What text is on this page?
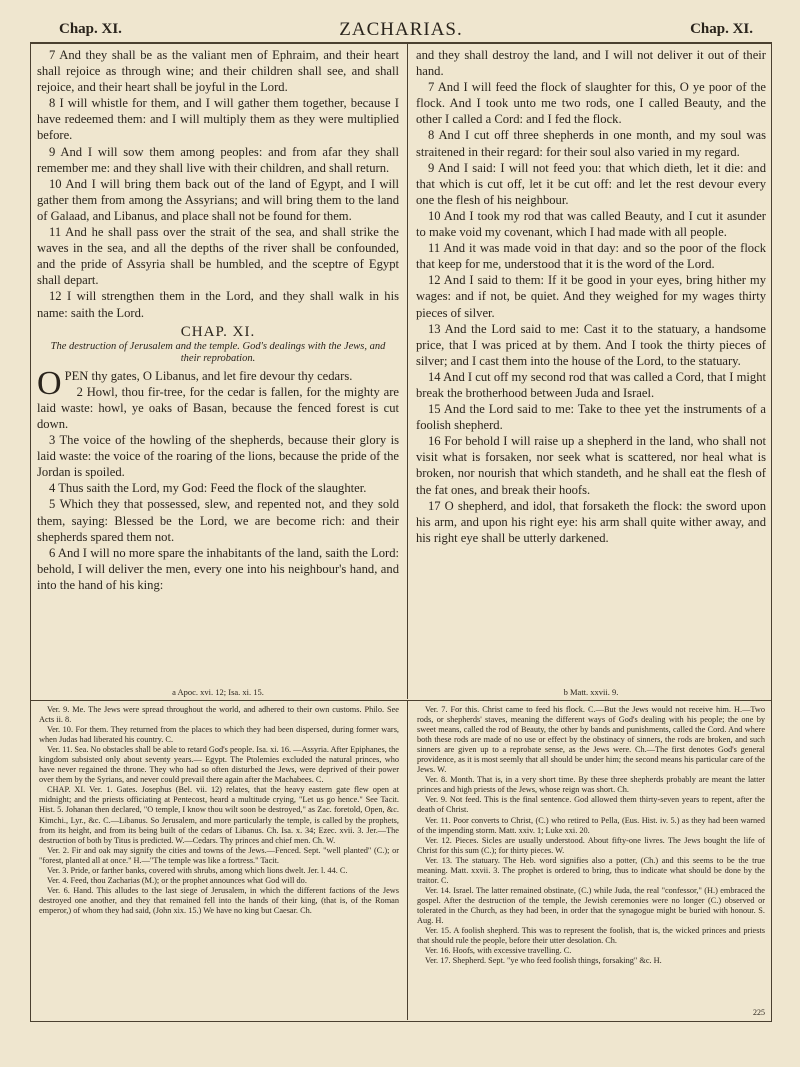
Chap. XI.	ZACHARIAS.	Chap. XI.

7 And they shall be as the valiant men of Ephraim, and their heart shall rejoice as through wine; and their children shall see, and shall rejoice, and their heart shall be joyful in the Lord.

8 I will whistle for them, and I will gather them together, because I have redeemed them: and I will multiply them as they were multiplied before.

9 And I will sow them among peoples: and from afar they shall remember me: and they shall live with their children, and shall return.

10 And I will bring them back out of the land of Egypt, and I will gather them from among the Assyrians; and will bring them to the land of Galaad, and Libanus, and place shall not be found for them.

11 And he shall pass over the strait of the sea, and shall strike the waves in the sea, and all the depths of the river shall be confounded, and the pride of Assyria shall be humbled, and the sceptre of Egypt shall depart.

12 I will strengthen them in the Lord, and they shall walk in his name: saith the Lord.

CHAP. XI.
The destruction of Jerusalem and the temple. God's dealings with the Jews, and their reprobation.

OPEN thy gates, O Libanus, and let fire devour thy cedars.

2 Howl, thou fir-tree, for the cedar is fallen, for the mighty are laid waste: howl, ye oaks of Basan, because the fenced forest is cut down.

3 The voice of the howling of the shepherds, because their glory is laid waste: the voice of the roaring of the lions, because the pride of the Jordan is spoiled.

4 Thus saith the Lord, my God: Feed the flock of the slaughter.

5 Which they that possessed, slew, and repented not, and they sold them, saying: Blessed be the Lord, we are become rich: and their shepherds spared them not.

6 And I will no more spare the inhabitants of the land, saith the Lord: behold, I will deliver the men, every one into his neighbour's hand, and into the hand of his king:

and they shall destroy the land, and I will not deliver it out of their hand.

7 And I will feed the flock of slaughter for this, O ye poor of the flock. And I took unto me two rods, one I called Beauty, and the other I called a Cord: and I fed the flock.

8 And I cut off three shepherds in one month, and my soul was straitened in their regard: for their soul also varied in my regard.

9 And I said: I will not feed you: that which dieth, let it die: and that which is cut off, let it be cut off: and let the rest devour every one the flesh of his neighbour.

10 And I took my rod that was called Beauty, and I cut it asunder to make void my covenant, which I had made with all people.

11 And it was made void in that day: and so the poor of the flock that keep for me, understood that it is the word of the Lord.

12 And I said to them: If it be good in your eyes, bring hither my wages: and if not, be quiet. And they weighed for my wages thirty pieces of silver.

13 And the Lord said to me: Cast it to the statuary, a handsome price, that I was priced at by them. And I took the thirty pieces of silver; and I cast them into the house of the Lord, to the statuary.

14 And I cut off my second rod that was called a Cord, that I might break the brotherhood between Juda and Israel.

15 And the Lord said to me: Take to thee yet the instruments of a foolish shepherd.

16 For behold I will raise up a shepherd in the land, who shall not visit what is forsaken, nor seek what is scattered, nor heal what is broken, nor nourish that which standeth, and he shall eat the flesh of the fat ones, and break their hoofs.

17 O shepherd, and idol, that forsaketh the flock: the sword upon his arm, and upon his right eye: his arm shall quite wither away, and his right eye shall be utterly darkened.

a Apoc. xvi. 12; Isa. xi. 15.	b Matt. xxvii. 9.

Ver. 9. Me. The Jews were spread throughout the world, and adhered to their own customs. Philo. See Acts ii. 8.

Ver. 10. For them. They returned from the places to which they had been dispersed, during former wars, when Judas had liberated his country. C.

Ver. 11. Sea. No obstacles shall be able to retard God's people. Isa. xi. 16. —Assyria. After Epiphanes, the kingdom subsisted only about seventy years.— Egypt. The Ptolemies excluded the natural princes, who have never regained the throne. They who had so often disturbed the Jews, were deprived of their power over them by the Syrians, and never could prevail there again after the Machabees. C.

CHAP. XI. Ver. 1. Gates. Josephus (Bel. vii. 12) relates, that the heavy eastern gate flew open at midnight; and the priests officiating at Pentecost, heard a multitude crying, "Let us go hence." See Tacit. Hist. 5. Johanan then declared, "O temple, I know thou wilt soon be destroyed," as Zac. foretold, Open, &c. Kimchi., Lyr., &c. C.—Libanus. So Jerusalem, and more particularly the temple, is called by the prophets, from its height, and from its being built of the cedars of Libanus. Ch. Isa. x. 34; Ezec. xvii. 3. Jer.—The destruction of both by Titus is predicted. W.—Cedars. Thy princes and chief men. Ch. W.

Ver. 2. Fir and oak may signify the cities and towns of the Jews.—Fenced. Sept. "well planted" (C.); or "forest, planted all at once." H.—"The temple was like a fortress." Tacit.

Ver. 3. Pride, or farther banks, covered with shrubs, among which lions dwelt. Jer. l. 44. C.

Ver. 4. Feed, thou Zacharias (M.); or the prophet announces what God will do.

Ver. 6. Hand. This alludes to the last siege of Jerusalem, in which the different factions of the Jews destroyed one another, and they that remained fell into the hands of their king, (that is, of the Roman emperor,) of whom they had said, (John xix. 15.) We have no king but Caesar. Ch.

Ver. 7. For this. Christ came to feed his flock. C.—But the Jews would not receive him. H.—Two rods, or shepherds' staves, meaning the different ways of God's dealing with his people; the one by sweet means, called the rod of Beauty, the other by bands and punishments, called the Cord. And where both these rods are made of no use or effect by the obstinacy of sinners, the rods are broken, and such sinners are given up to a reprobate sense, as the Jews were. Ch.—The first denotes God's general providence, as it is most seemly that all should be under him; the second means his particular care of the Jews. W.

Ver. 8. Month. That is, in a very short time. By these three shepherds probably are meant the latter princes and high priests of the Jews, whose reign was short. Ch.

Ver. 9. Not feed. This is the final sentence. God allowed them thirty-seven years to repent, after the death of Christ.

Ver. 11. Poor converts to Christ, (C.) who retired to Pella, (Eus. Hist. iv. 5.) as they had been warned of the impending storm. Matt. xxiv. 1; Luke xxi. 20.

Ver. 12. Pieces. Sicles are usually understood. About fifty-one livres. The Jews bought the life of Christ for this sum (C.); for thirty pieces. W.

Ver. 13. The statuary. The Heb. word signifies also a potter, (Ch.) and this seems to be the true meaning. Matt. xxvii. 3. The prophet is ordered to bring, thus to indicate what should be done by the traitor. C.

Ver. 14. Israel. The latter remained obstinate, (C.) while Juda, the real "confessor," (H.) embraced the gospel. After the destruction of the temple, the Jewish ceremonies were no longer (C.) observed or tolerated in the Church, as they had been, in order that the synagogue might be buried with honour. S. Aug. H.

Ver. 15. A foolish shepherd. This was to represent the foolish, that is, the wicked princes and priests that should rule the people, before their utter desolation. Ch.

Ver. 16. Hoofs, with excessive travelling. C.

Ver. 17. Shepherd. Sept. "ye who feed foolish things, forsaking" &c. H.

225
